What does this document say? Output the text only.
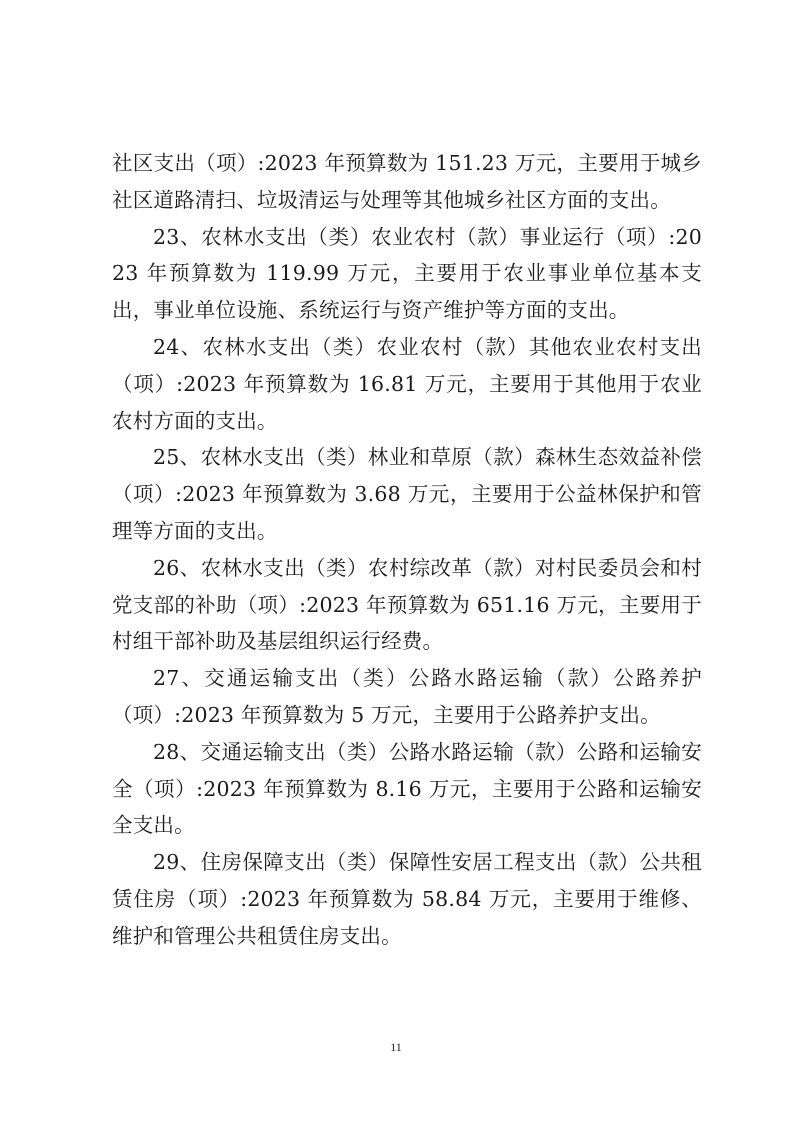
社区支出（项）:2023 年预算数为 151.23 万元，主要用于城乡社区道路清扫、垃圾清运与处理等其他城乡社区方面的支出。

23、农林水支出（类）农业农村（款）事业运行（项）:2023 年预算数为 119.99 万元，主要用于农业事业单位基本支出，事业单位设施、系统运行与资产维护等方面的支出。

24、农林水支出（类）农业农村（款）其他农业农村支出（项）:2023 年预算数为 16.81 万元，主要用于其他用于农业农村方面的支出。

25、农林水支出（类）林业和草原（款）森林生态效益补偿（项）:2023 年预算数为 3.68 万元，主要用于公益林保护和管理等方面的支出。

26、农林水支出（类）农村综改革（款）对村民委员会和村党支部的补助（项）:2023 年预算数为 651.16 万元，主要用于村组干部补助及基层组织运行经费。

27、交通运输支出（类）公路水路运输（款）公路养护（项）:2023 年预算数为 5 万元，主要用于公路养护支出。

28、交通运输支出（类）公路水路运输（款）公路和运输安全（项）:2023 年预算数为 8.16 万元，主要用于公路和运输安全支出。

29、住房保障支出（类）保障性安居工程支出（款）公共租赁住房（项）:2023 年预算数为 58.84 万元，主要用于维修、维护和管理公共租赁住房支出。

11
